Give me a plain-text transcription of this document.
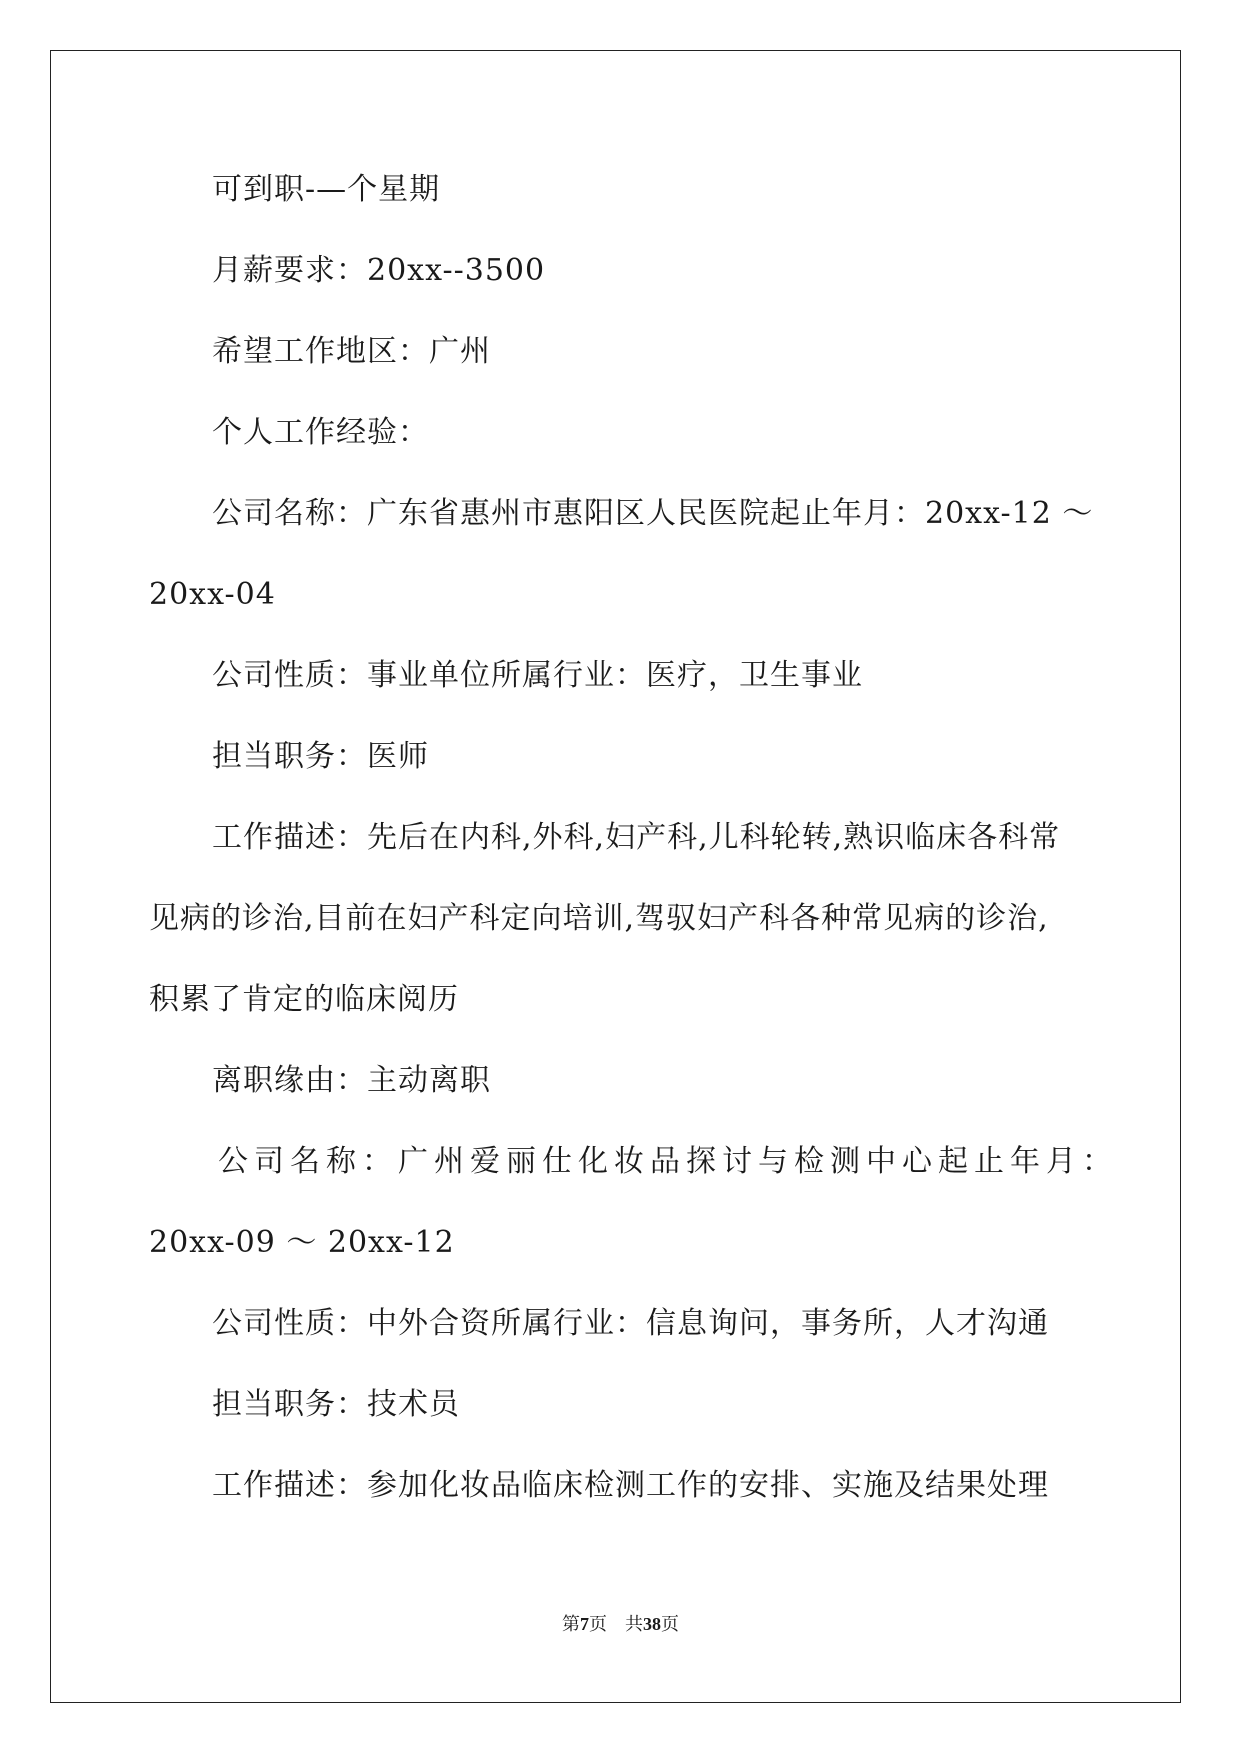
可到职-—个星期
月薪要求：20xx--3500
希望工作地区：广州
个人工作经验：
公司名称：广东省惠州市惠阳区人民医院起止年月：20xx-12 ～
20xx-04
公司性质：事业单位所属行业：医疗，卫生事业
担当职务：医师
工作描述：先后在内科,外科,妇产科,儿科轮转,熟识临床各科常
见病的诊治,目前在妇产科定向培训,驾驭妇产科各种常见病的诊治,
积累了肯定的临床阅历
离职缘由：主动离职
公司名称：广州爱丽仕化妆品探讨与检测中心起止年月：
20xx-09 ～ 20xx-12
公司性质：中外合资所属行业：信息询问，事务所，人才沟通
担当职务：技术员
工作描述：参加化妆品临床检测工作的安排、实施及结果处理
第7页 共38页
